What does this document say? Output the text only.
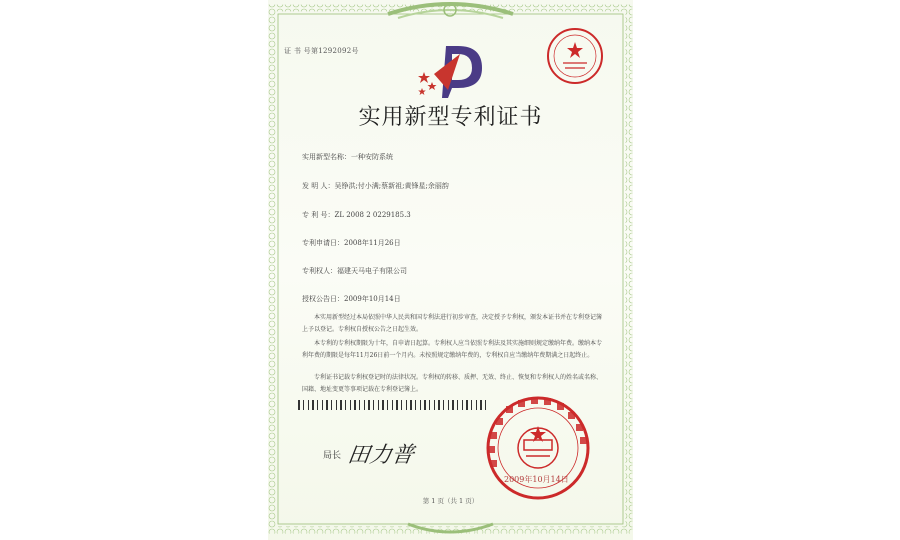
证 书 号第1292092号
实用新型专利证书
实用新型名称：一种安防系统
发 明 人：吴铮洪;付小满;蔡新祖;黄锋星;余丽韵
专 利 号：ZL 2008 2 0229185.3
专利申请日：2008年11月26日
专利权人：福建天马电子有限公司
授权公告日：2009年10月14日
本实用新型经过本局依照中华人民共和国专利法进行初步审查，决定授予专利权，颁发本证书并在专利登记簿上予以登记。专利权自授权公告之日起生效。
本专利的专利权期限为十年，自申请日起算。专利权人应当依照专利法及其实施细则规定缴纳年费。缴纳本专利年费的期限是每年11月26日前一个月内。未按照规定缴纳年费的，专利权自应当缴纳年费期满之日起终止。
专利证书记载专利权登记时的法律状况。专利权的转移、质押、无效、终止、恢复和专利权人的姓名或名称、国籍、地址变更等事项记载在专利登记簿上。
局长 田力普
2009年10月14日
第 1 页（共 1 页）
